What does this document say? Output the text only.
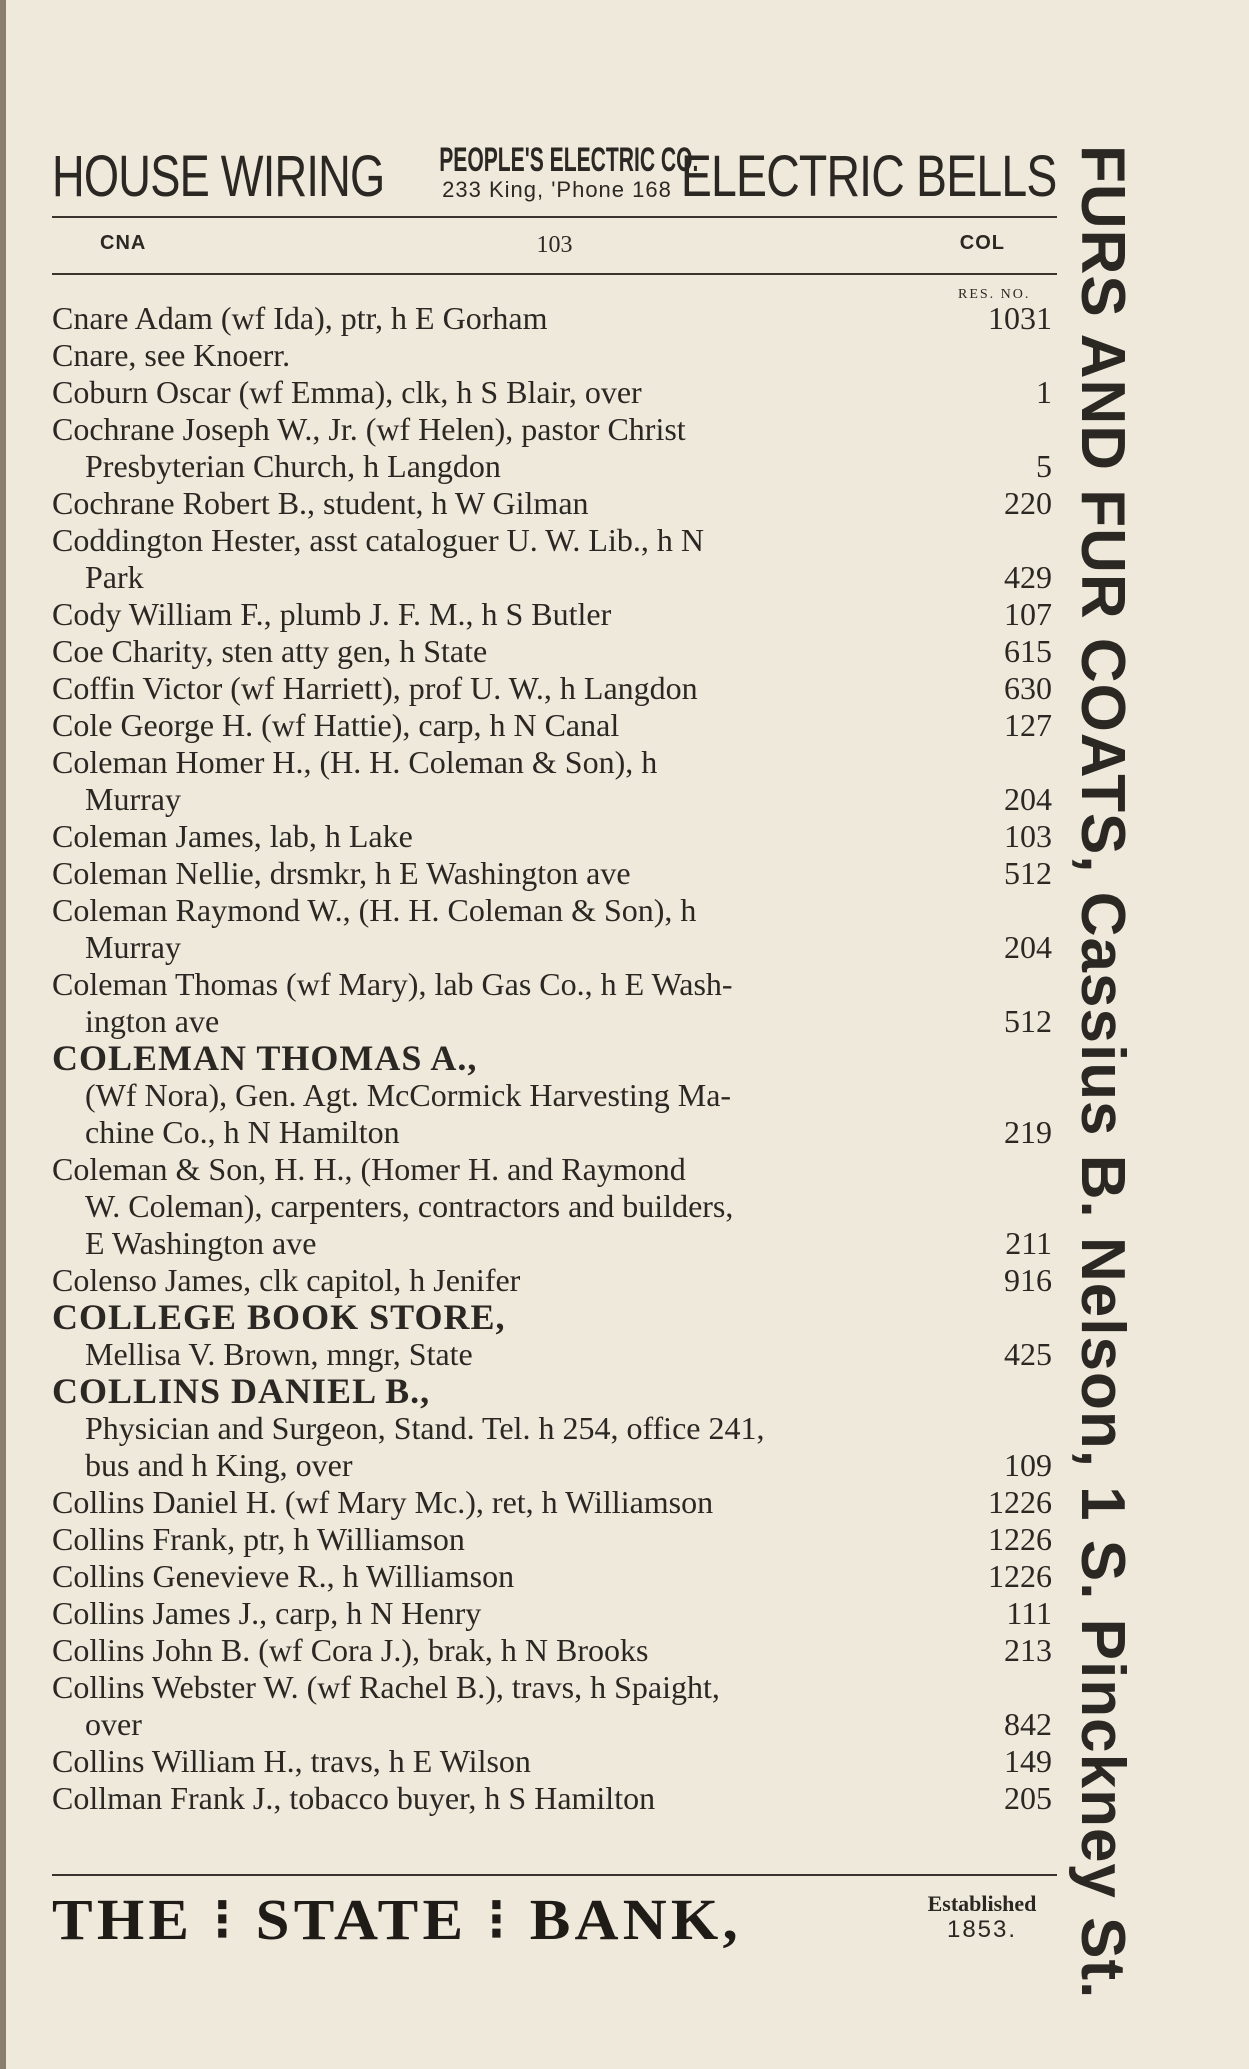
HOUSE WIRING PEOPLE'S ELECTRIC CO.
233 King, 'Phone 168 ELECTRIC BELLS
CNA	103	COL
RES. NO.
Cnare Adam (wf Ida), ptr, h E Gorham	1031
Cnare, see Knoerr.
Coburn Oscar (wf Emma), clk, h S Blair, over	1
Cochrane Joseph W., Jr. (wf Helen), pastor Christ
Presbyterian Church, h Langdon	5
Cochrane Robert B., student, h W Gilman	220
Coddington Hester, asst cataloguer U. W. Lib., h N
Park	429
Cody William F., plumb J. F. M., h S Butler	107
Coe Charity, sten atty gen, h State	615
Coffin Victor (wf Harriett), prof U. W., h Langdon	630
Cole George H. (wf Hattie), carp, h N Canal	127
Coleman Homer H., (H. H. Coleman & Son), h
Murray	204
Coleman James, lab, h Lake	103
Coleman Nellie, drsmkr, h E Washington ave	512
Coleman Raymond W., (H. H. Coleman & Son), h
Murray	204
Coleman Thomas (wf Mary), lab Gas Co., h E Wash-
ington ave	512
COLEMAN THOMAS A.,
(Wf Nora), Gen. Agt. McCormick Harvesting Ma-
chine Co., h N Hamilton	219
Coleman & Son, H. H., (Homer H. and Raymond
W. Coleman), carpenters, contractors and builders,
E Washington ave	211
Colenso James, clk capitol, h Jenifer	916
COLLEGE BOOK STORE,
Mellisa V. Brown, mngr, State	425
COLLINS DANIEL B.,
Physician and Surgeon, Stand. Tel. h 254, office 241,
bus and h King, over	109
Collins Daniel H. (wf Mary Mc.), ret, h Williamson	1226
Collins Frank, ptr, h Williamson	1226
Collins Genevieve R., h Williamson	1226
Collins James J., carp, h N Henry	111
Collins John B. (wf Cora J.), brak, h N Brooks	213
Collins Webster W. (wf Rachel B.), travs, h Spaight,
over	842
Collins William H., travs, h E Wilson	149
Collman Frank J., tobacco buyer, h S Hamilton	205
THE ⁝ STATE ⁝ BANK,	Established
1853. FURS AND FUR COATS, Cassius B. Nelson, 1 S. Pinckney St.
